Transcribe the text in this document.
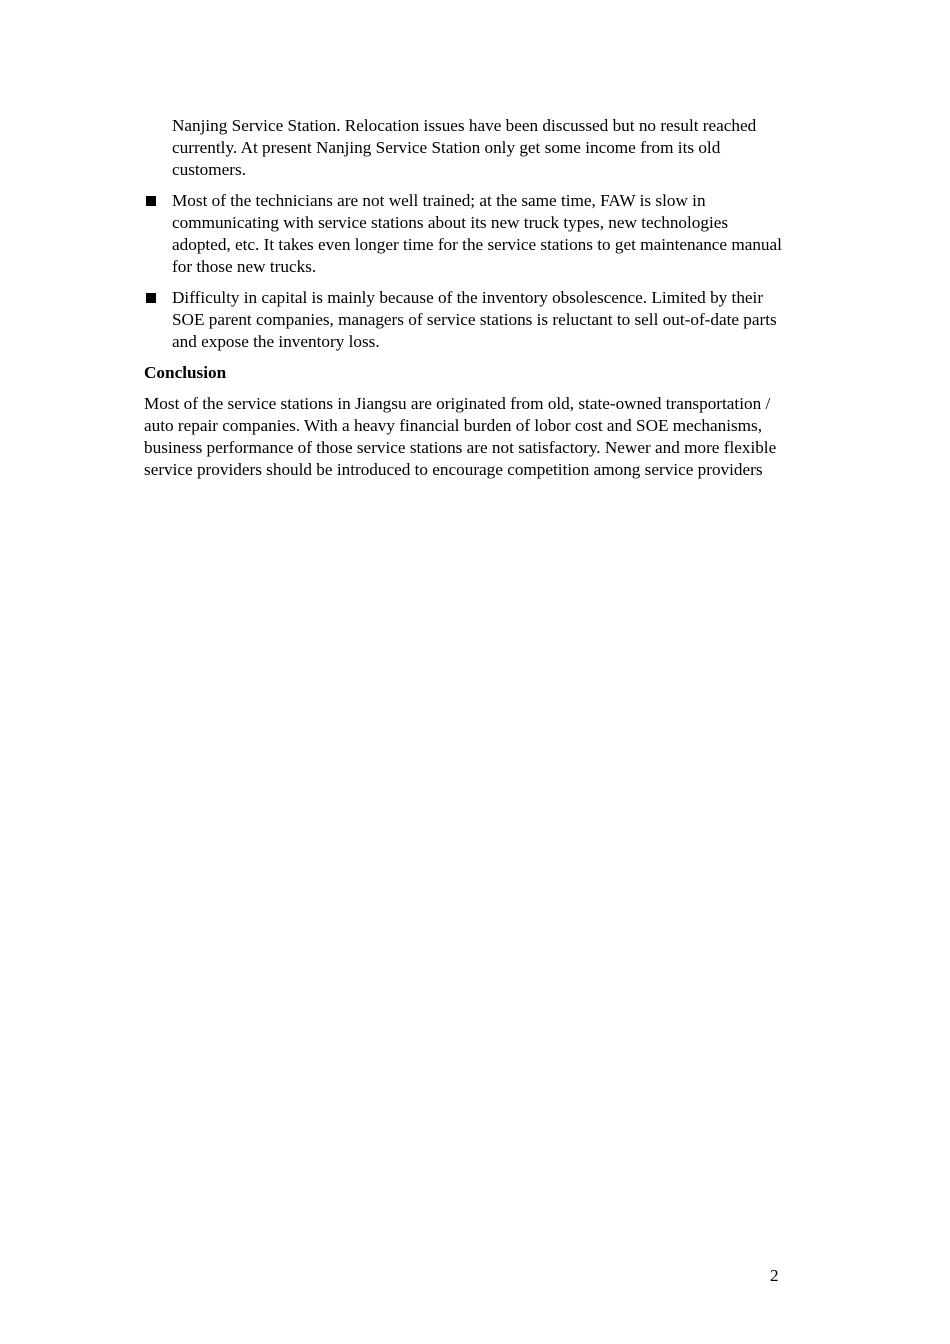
Nanjing Service Station. Relocation issues have been discussed but no result reached currently. At present Nanjing Service Station only get some income from its old customers.

Most of the technicians are not well trained; at the same time, FAW is slow in communicating with service stations about its new truck types, new technologies adopted, etc. It takes even longer time for the service stations to get maintenance manual for those new trucks.
Difficulty in capital is mainly because of the inventory obsolescence. Limited by their SOE parent companies, managers of service stations is reluctant to sell out-of-date parts and expose the inventory loss.
Conclusion

Most of the service stations in Jiangsu are originated from old, state-owned transportation / auto repair companies. With a heavy financial burden of lobor cost and SOE mechanisms, business performance of those service stations are not satisfactory. Newer and more flexible service providers should be introduced to encourage competition among service providers

2
